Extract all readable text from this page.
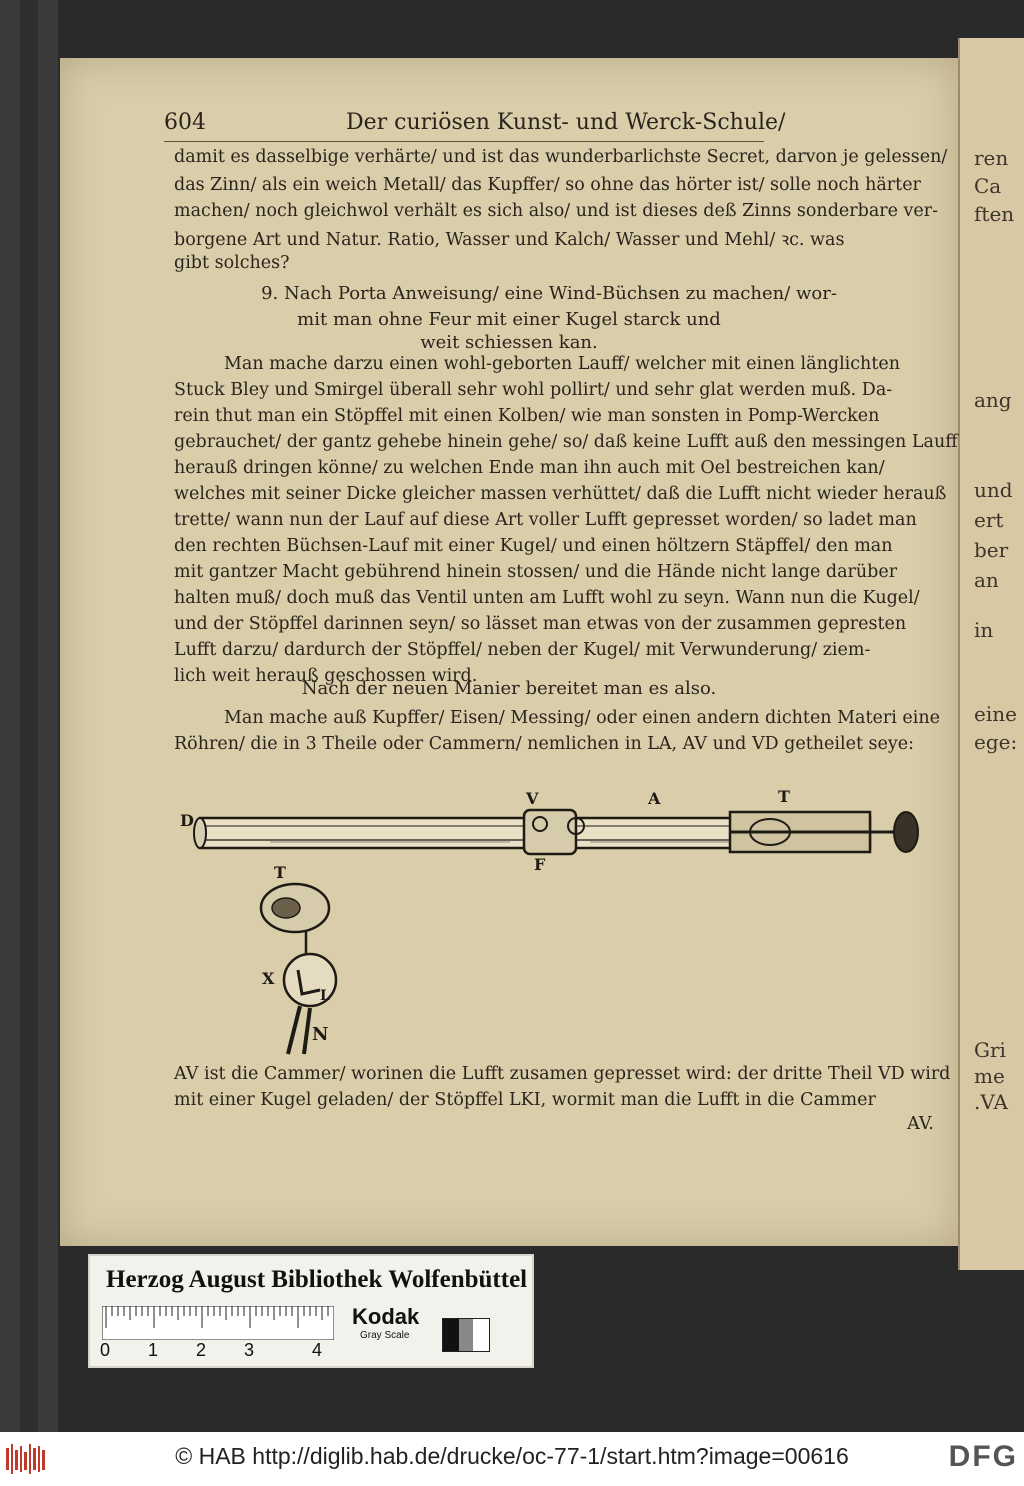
ren
Ca
ften
ang
und
ert
ber
an
in
eine
ege:
Gri
me
.VA
604	Der curiösen Kunst- und Werck-Schule/
damit es dasselbige verhärte/ und ist das wunderbarlichste Secret, darvon je gelessen/
das Zinn/ als ein weich Metall/ das Kupffer/ so ohne das hörter ist/ solle noch härter
machen/ noch gleichwol verhält es sich also/ und ist dieses deß Zinns sonderbare ver-
borgene Art und Natur. Ratio, Wasser und Kalch/ Wasser und Mehl/ ꝛc. was
gibt solches?
9. Nach Porta Anweisung/ eine Wind-Büchsen zu machen/ wor-
mit man ohne Feur mit einer Kugel starck und
weit schiessen kan.
Man mache darzu einen wohl-geborten Lauff/ welcher mit einen länglichten
Stuck Bley und Smirgel überall sehr wohl pollirt/ und sehr glat werden muß. Da-
rein thut man ein Stöpffel mit einen Kolben/ wie man sonsten in Pomp-Wercken
gebrauchet/ der gantz gehebe hinein gehe/ so/ daß keine Lufft auß den messingen Lauff
herauß dringen könne/ zu welchen Ende man ihn auch mit Oel bestreichen kan/
welches mit seiner Dicke gleicher massen verhüttet/ daß die Lufft nicht wieder herauß
trette/ wann nun der Lauf auf diese Art voller Lufft gepresset worden/ so ladet man
den rechten Büchsen-Lauf mit einer Kugel/ und einen höltzern Stäpffel/ den man
mit gantzer Macht gebührend hinein stossen/ und die Hände nicht lange darüber
halten muß/ doch muß das Ventil unten am Lufft wohl zu seyn. Wann nun die Kugel/
und der Stöpffel darinnen seyn/ so lässet man etwas von der zusammen gepresten
Lufft darzu/ dardurch der Stöpffel/ neben der Kugel/ mit Verwunderung/ ziem-
lich weit herauß geschossen wird.
Nach der neuen Manier bereitet man es also.
Man mache auß Kupffer/ Eisen/ Messing/ oder einen andern dichten Materi eine
Röhren/ die in 3 Theile oder Cammern/ nemlichen in LA, AV und VD getheilet seye:
AV ist die Cammer/ worinen die Lufft zusamen gepresset wird: der dritte Theil VD wird
mit einer Kugel geladen/ der Stöpffel LKI, wormit man die Lufft in die Cammer
AV.
D
V	A	T
F
T
X
L
N
Herzog August Bibliothek Wolfenbüttel
0 1 2 3	4
Kodak
Gray Scale
© HAB http://diglib.hab.de/drucke/oc-77-1/start.htm?image=00616	DFG
